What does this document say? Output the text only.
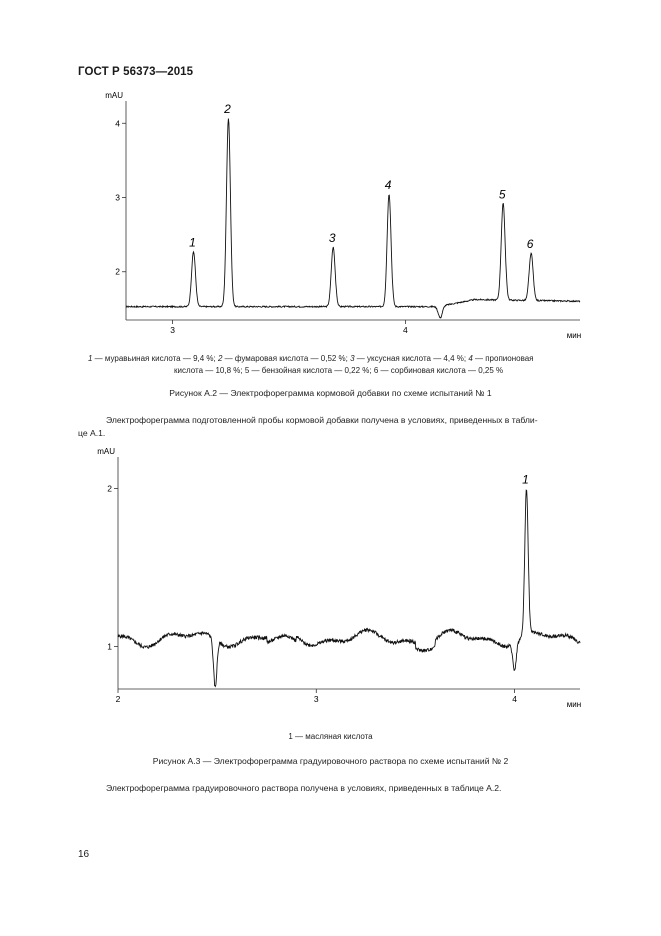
ГОСТ Р 56373—2015
mAU
мин
4
3
2
3	4
1
2
3
4
5
6
mAU
мин
2
1
2	3	4
1
1 — муравьиная кислота — 9,4 %; 2 — фумаровая кислота — 0,52 %; 3 — уксусная кислота — 4,4 %; 4 — пропионовая
кислота — 10,8 %; 5 — бензойная кислота — 0,22 %; 6 — сорбиновая кислота — 0,25 %
Рисунок А.2 — Электрофореграмма кормовой добавки по схеме испытаний № 1
Электрофореграмма подготовленной пробы кормовой добавки получена в условиях, приведенных в табли-
це А.1.
1 — масляная кислота
Рисунок А.3 — Электрофореграмма градуировочного раствора по схеме испытаний № 2
Электрофореграмма градуировочного раствора получена в условиях, приведенных в таблице А.2.
16
